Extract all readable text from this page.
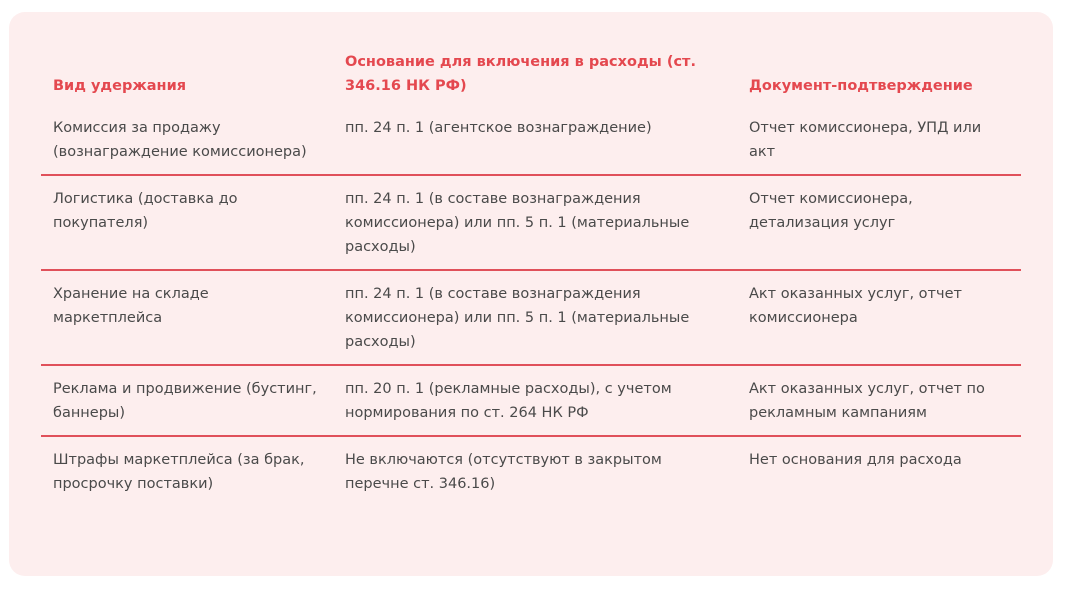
Вид удержания	Основание для включения в расходы (ст. 346.16 НК РФ)	Документ-подтверждение
Комиссия за продажу (вознаграждение комиссионера)	пп. 24 п. 1 (агентское вознаграждение)	Отчет комиссионера, УПД или акт
Логистика (доставка до покупателя)	пп. 24 п. 1 (в составе вознаграждения комиссионера) или пп. 5 п. 1 (материальные расходы)	Отчет комиссионера, детализация услуг
Хранение на складе маркетплейса	пп. 24 п. 1 (в составе вознаграждения комиссионера) или пп. 5 п. 1 (материальные расходы)	Акт оказанных услуг, отчет комиссионера
Реклама и продвижение (бустинг, баннеры)	пп. 20 п. 1 (рекламные расходы), с учетом нормирования по ст. 264 НК РФ	Акт оказанных услуг, отчет по рекламным кампаниям
Штрафы маркетплейса (за брак, просрочку поставки)	Не включаются (отсутствуют в закрытом перечне ст. 346.16)	Нет основания для расхода
